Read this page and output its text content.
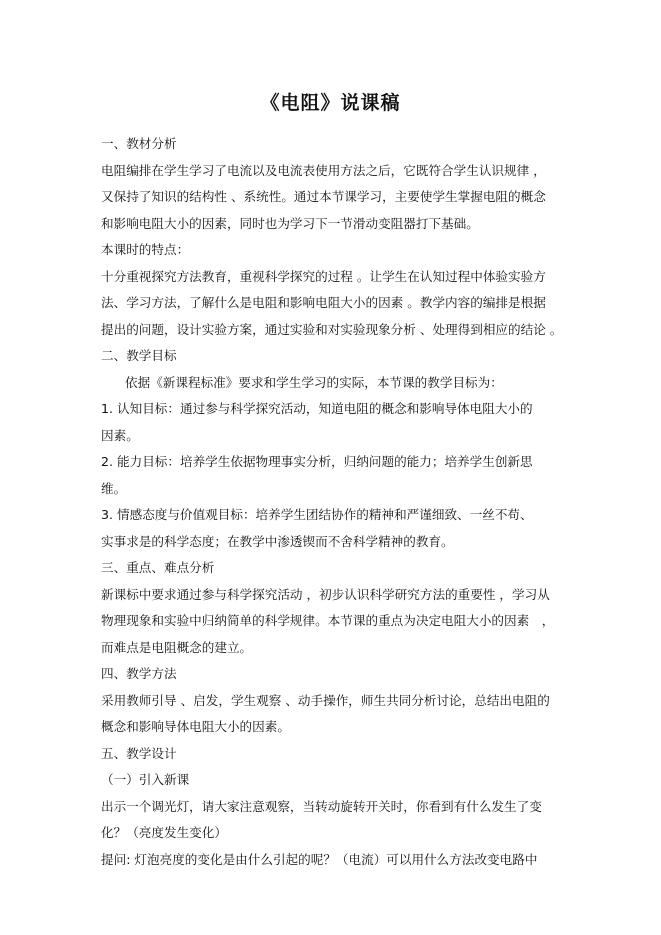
《电阻》说课稿
一、教材分析
电阻编排在学生学习了电流以及电流表使用方法之后，它既符合学生认识规律 ，
又保持了知识的结构性 、系统性。通过本节课学习，主要使学生掌握电阻的概念
和影响电阻大小的因素，同时也为学习下一节滑动变阻器打下基础。
本课时的特点：
十分重视探究方法教育，重视科学探究的过程 。让学生在认知过程中体验实验方
法、学习方法，了解什么是电阻和影响电阻大小的因素 。教学内容的编排是根据
提出的问题，设计实验方案，通过实验和对实验现象分析 、处理得到相应的结论 。
二、教学目标
依据《新课程标准》要求和学生学习的实际，本节课的教学目标为：
1. 认知目标：通过参与科学探究活动，知道电阻的概念和影响导体电阻大小的
因素。
2. 能力目标：培养学生依据物理事实分析，归纳问题的能力；培养学生创新思
维。
3. 情感态度与价值观目标：培养学生团结协作的精神和严谨细致、一丝不苟、
实事求是的科学态度；在教学中渗透锲而不舍科学精神的教育。
三、重点、难点分析
新课标中要求通过参与科学探究活动 ，初步认识科学研究方法的重要性 ，学习从
物理现象和实验中归纳简单的科学规律。本节课的重点为决定电阻大小的因素　，
而难点是电阻概念的建立。
四、教学方法
采用教师引导 、启发，学生观察 、动手操作，师生共同分析讨论，总结出电阻的
概念和影响导体电阻大小的因素。
五、教学设计
（一）引入新课
出示一个调光灯，请大家注意观察，当转动旋转开关时，你看到有什么发生了变
化？（亮度发生变化）
提问: 灯泡亮度的变化是由什么引起的呢？（电流）可以用什么方法改变电路中
